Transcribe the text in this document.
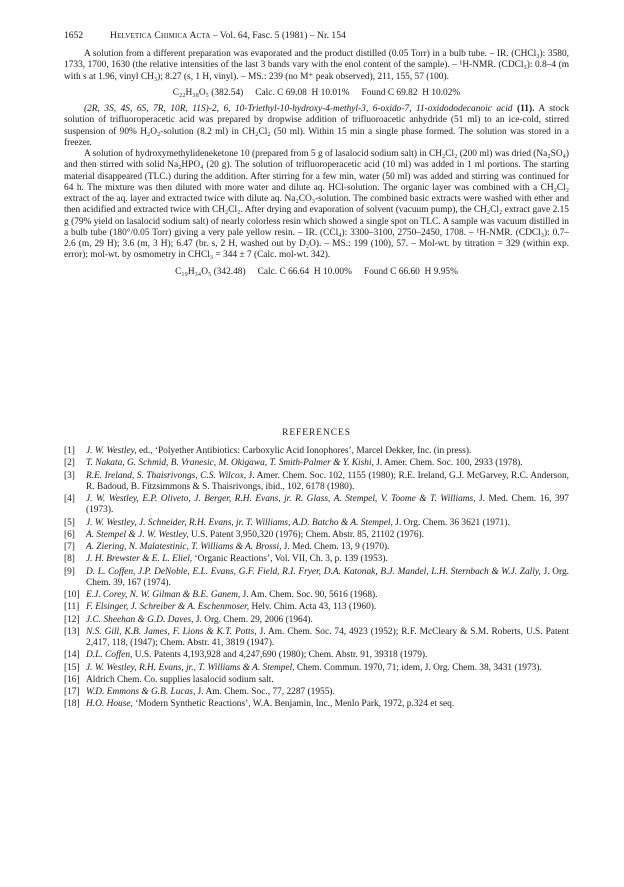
1652	Helvetica Chimica Acta – Vol. 64, Fasc. 5 (1981) – Nr. 154

A solution from a different preparation was evaporated and the product distilled (0.05 Torr) in a bulb tube. – IR. (CHCl₃): 3580, 1733, 1700, 1630 (the relative intensities of the last 3 bands vary with the enol content of the sample). – ¹H-NMR. (CDCl₃): 0.8–4 (m with s at 1.96, vinyl CH₃); 8.27 (s, 1 H, vinyl). – MS.: 239 (no M⁺ peak observed), 211, 155, 57 (100).

C₂₂H₃₈O₅ (382.54) Calc. C 69.08  H 10.01% Found C 69.82  H 10.02%

(2R, 3S, 4S, 6S, 7R, 10R, 11S)-2, 6, 10-Triethyl-10-hydroxy-4-methyl-3, 6-oxido-7, 11-oxidododecanoic acid (11). A stock solution of trifluoroperacetic acid was prepared by dropwise addition of trifluoroacetic anhydride (51 ml) to an ice-cold, stirred suspension of 90% H₂O₂-solution (8.2 ml) in CH₂Cl₂ (50 ml). Within 15 min a single phase formed. The solution was stored in a freezer.

A solution of hydroxymethylideneketone 10 (prepared from 5 g of lasalocid sodium salt) in CH₂Cl₂ (200 ml) was dried (Na₂SO₄) and then stirred with solid Na₂HPO₄ (20 g). The solution of trifluoroperacetic acid (10 ml) was added in 1 ml portions. The starting material disappeared (TLC.) during the addition. After stirring for a few min, water (50 ml) was added and stirring was continued for 64 h. The mixture was then diluted with more water and dilute aq. HCl-solution. The organic layer was combined with a CH₂Cl₂ extract of the aq. layer and extracted twice with dilute aq. Na₂CO₃-solution. The combined basic extracts were washed with ether and then acidified and extracted twice with CH₂Cl₂. After drying and evaporation of solvent (vacuum pump), the CH₂Cl₂ extract gave 2.15 g (79% yield on lasalocid sodium salt) of nearly colorless resin which showed a single spot on TLC. A sample was vacuum distilled in a bulb tube (180°/0.05 Torr) giving a very pale yellow resin. – IR. (CCl₄): 3300–3100, 2750–2450, 1708. – ¹H-NMR. (CDCl₃): 0.7–2.6 (m, 29 H); 3.6 (m, 3 H); 6.47 (br. s, 2 H, washed out by D₂O). – MS.: 199 (100), 57. – Mol-wt. by titration = 329 (within exp. error); mol-wt. by osmometry in CHCl₃ = 344 ± 7 (Calc. mol-wt. 342).

C₁₉H₃₄O₅ (342.48) Calc. C 66.64  H 10.00% Found C 66.60  H 9.95%
REFERENCES
[1] J. W. Westley, ed., ‘Polyether Antibiotics: Carboxylic Acid Ionophores’, Marcel Dekker, Inc. (in press).
[2] T. Nakata, G. Schmid, B. Vranesic, M. Okigawa, T. Smith-Palmer & Y. Kishi, J. Amer. Chem. Soc. 100, 2933 (1978).
[3] R.E. Ireland, S. Thaisrivongs, C.S. Wilcox, J. Amer. Chem. Soc. 102, 1155 (1980); R.E. Ireland, G.J. McGarvey, R.C. Anderson, R. Badoud, B. Fitzsimmons & S. Thaisrivongs, ibid., 102, 6178 (1980).
[4] J. W. Westley, E.P. Oliveto, J. Berger, R.H. Evans, jr. R. Glass, A. Stempel, V. Toome & T. Williams, J. Med. Chem. 16, 397 (1973).
[5] J. W. Westley, J. Schneider, R.H. Evans, jr. T. Williams, A.D. Batcho & A. Stempel, J. Org. Chem. 36 3621 (1971).
[6] A. Stempel & J. W. Westley, U.S. Patent 3,950,320 (1976); Chem. Abstr. 85, 21102 (1976).
[7] A. Ziering, N. Malatestinic, T. Williams & A. Brossi, J. Med. Chem. 13, 9 (1970).
[8] J. H. Brewster & E. L. Eliel, ‘Organic Reactions’, Vol. VII, Ch. 3, p. 139 (1953).
[9] D. L. Coffen, J.P. DeNoble, E.L. Evans, G.F. Field, R.I. Fryer, D.A. Katonak, B.J. Mandel, L.H. Sternbach & W.J. Zally, J. Org. Chem. 39, 167 (1974).
[10] E.J. Corey, N. W. Gilman & B.E. Ganem, J. Am. Chem. Soc. 90, 5616 (1968).
[11] F. Elsinger, J. Schreiber & A. Eschenmoser, Helv. Chim. Acta 43, 113 (1960).
[12] J.C. Sheehan & G.D. Daves, J. Org. Chem. 29, 2006 (1964).
[13] N.S. Gill, K.B. James, F. Lions & K.T. Potts, J. Am. Chem. Soc. 74, 4923 (1952); R.F. McCleary & S.M. Roberts, U.S. Patent 2,417, 118, (1947); Chem. Abstr. 41, 3819 (1947).
[14] D.L. Coffen, U.S. Patents 4,193,928 and 4,247,690 (1980); Chem. Abstr. 91, 39318 (1979).
[15] J. W. Westley, R.H. Evans, jr., T. Williams & A. Stempel, Chem. Commun. 1970, 71; idem, J. Org. Chem. 38, 3431 (1973).
[16] Aldrich Chem. Co. supplies lasalocid sodium salt.
[17] W.D. Emmons & G.B. Lucas, J. Am. Chem. Soc., 77, 2287 (1955).
[18] H.O. House, ‘Modern Synthetic Reactions’, W.A. Benjamin, Inc., Menlo Park, 1972, p.324 et seq.
